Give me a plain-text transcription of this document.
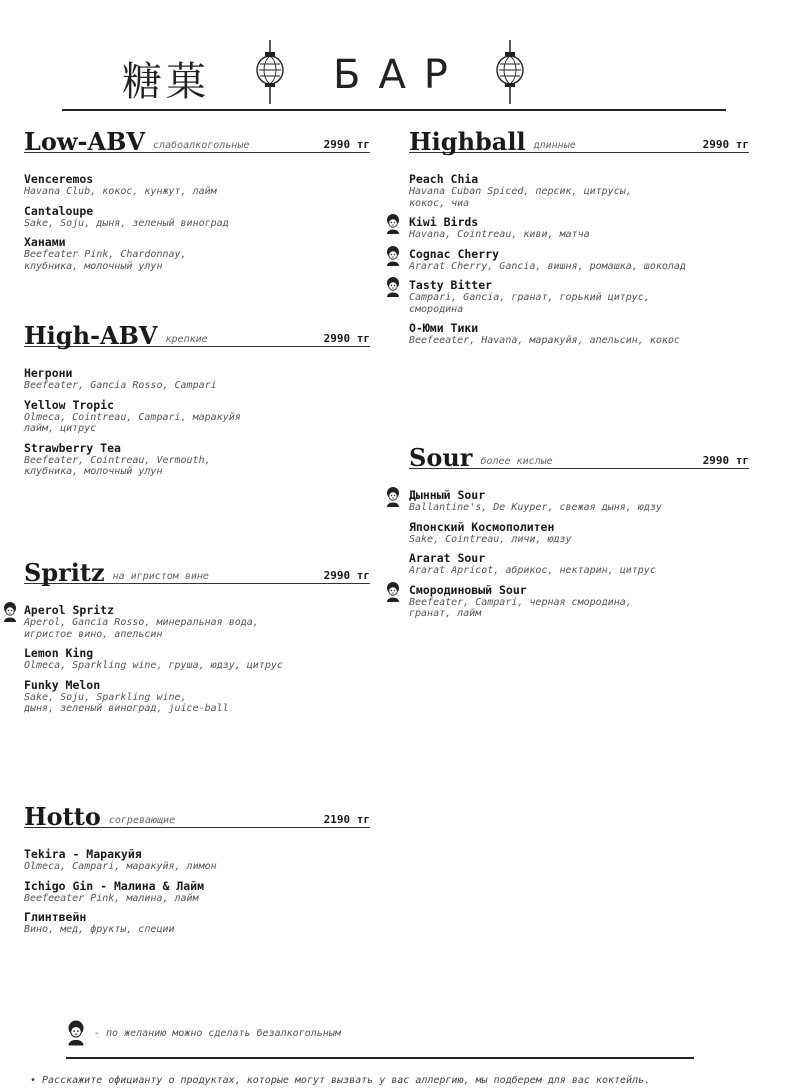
糖菓	БАР
Low-ABV слабоалкогольные	2990 тг
Venceremos
Havana Club, кокос, кунжут, лайм
Cantaloupe
Sake, Soju, дыня, зеленый виноград
Ханами
Beefeater Pink, Chardonnay,
клубника, молочный улун
High-ABV крепкие	2990 тг
Негрони
Beefeater, Gancia Rosso, Campari
Yellow Tropic
Olmeca, Cointreau, Campari, маракуйя
лайм, цитрус
Strawberry Tea
Beefeater, Cointreau, Vermouth,
клубника, молочный улун
Spritz на игристом вине	2990 тг
Aperol Spritz
Aperol, Gancia Rosso, минеральная вода,
игристое вино, апельсин
Lemon King
Olmeca, Sparkling wine, груша, юдзу, цитрус
Funky Melon
Sake, Soju, Sparkling wine,
дыня, зеленый виноград, juice-ball
Hotto согревающие	2190 тг
Tekira - Маракуйя
Olmeca, Campari, маракуйя, лимон
Ichigo Gin - Малина & Лайм
Beefeeater Pink, малина, лайм
Глинтвейн
Вино, мед, фрукты, специи
Highball длинные	2990 тг
Peach Chia
Havana Cuban Spiced, персик, цитрусы,
кокос, чиа
Kiwi Birds
Havana, Cointreau, киви, матча
Cognac Cherry
Ararat Cherry, Gancia, вишня, ромашка, шоколад
Tasty Bitter
Campari, Gancia, гранат, горький цитрус,
смородина
О-Юми Тики
Beefeeater, Havana, маракуйя, апельсин, кокос
Sour более кислые	2990 тг
Дынный Sour
Ballantine's, De Kuyper, свежая дыня, юдзу
Японский Космополитен
Sake, Cointreau, личи, юдзу
Ararat Sour
Ararat Apricot, абрикос, нектарин, цитрус
Смородиновый Sour
Beefeater, Campari, черная смородина,
гранат, лайм
- по желанию можно сделать безалкогольным
• Расскажите официанту о продуктах, которые могут вызвать у вас аллергию, мы подберем для вас коктейль.
